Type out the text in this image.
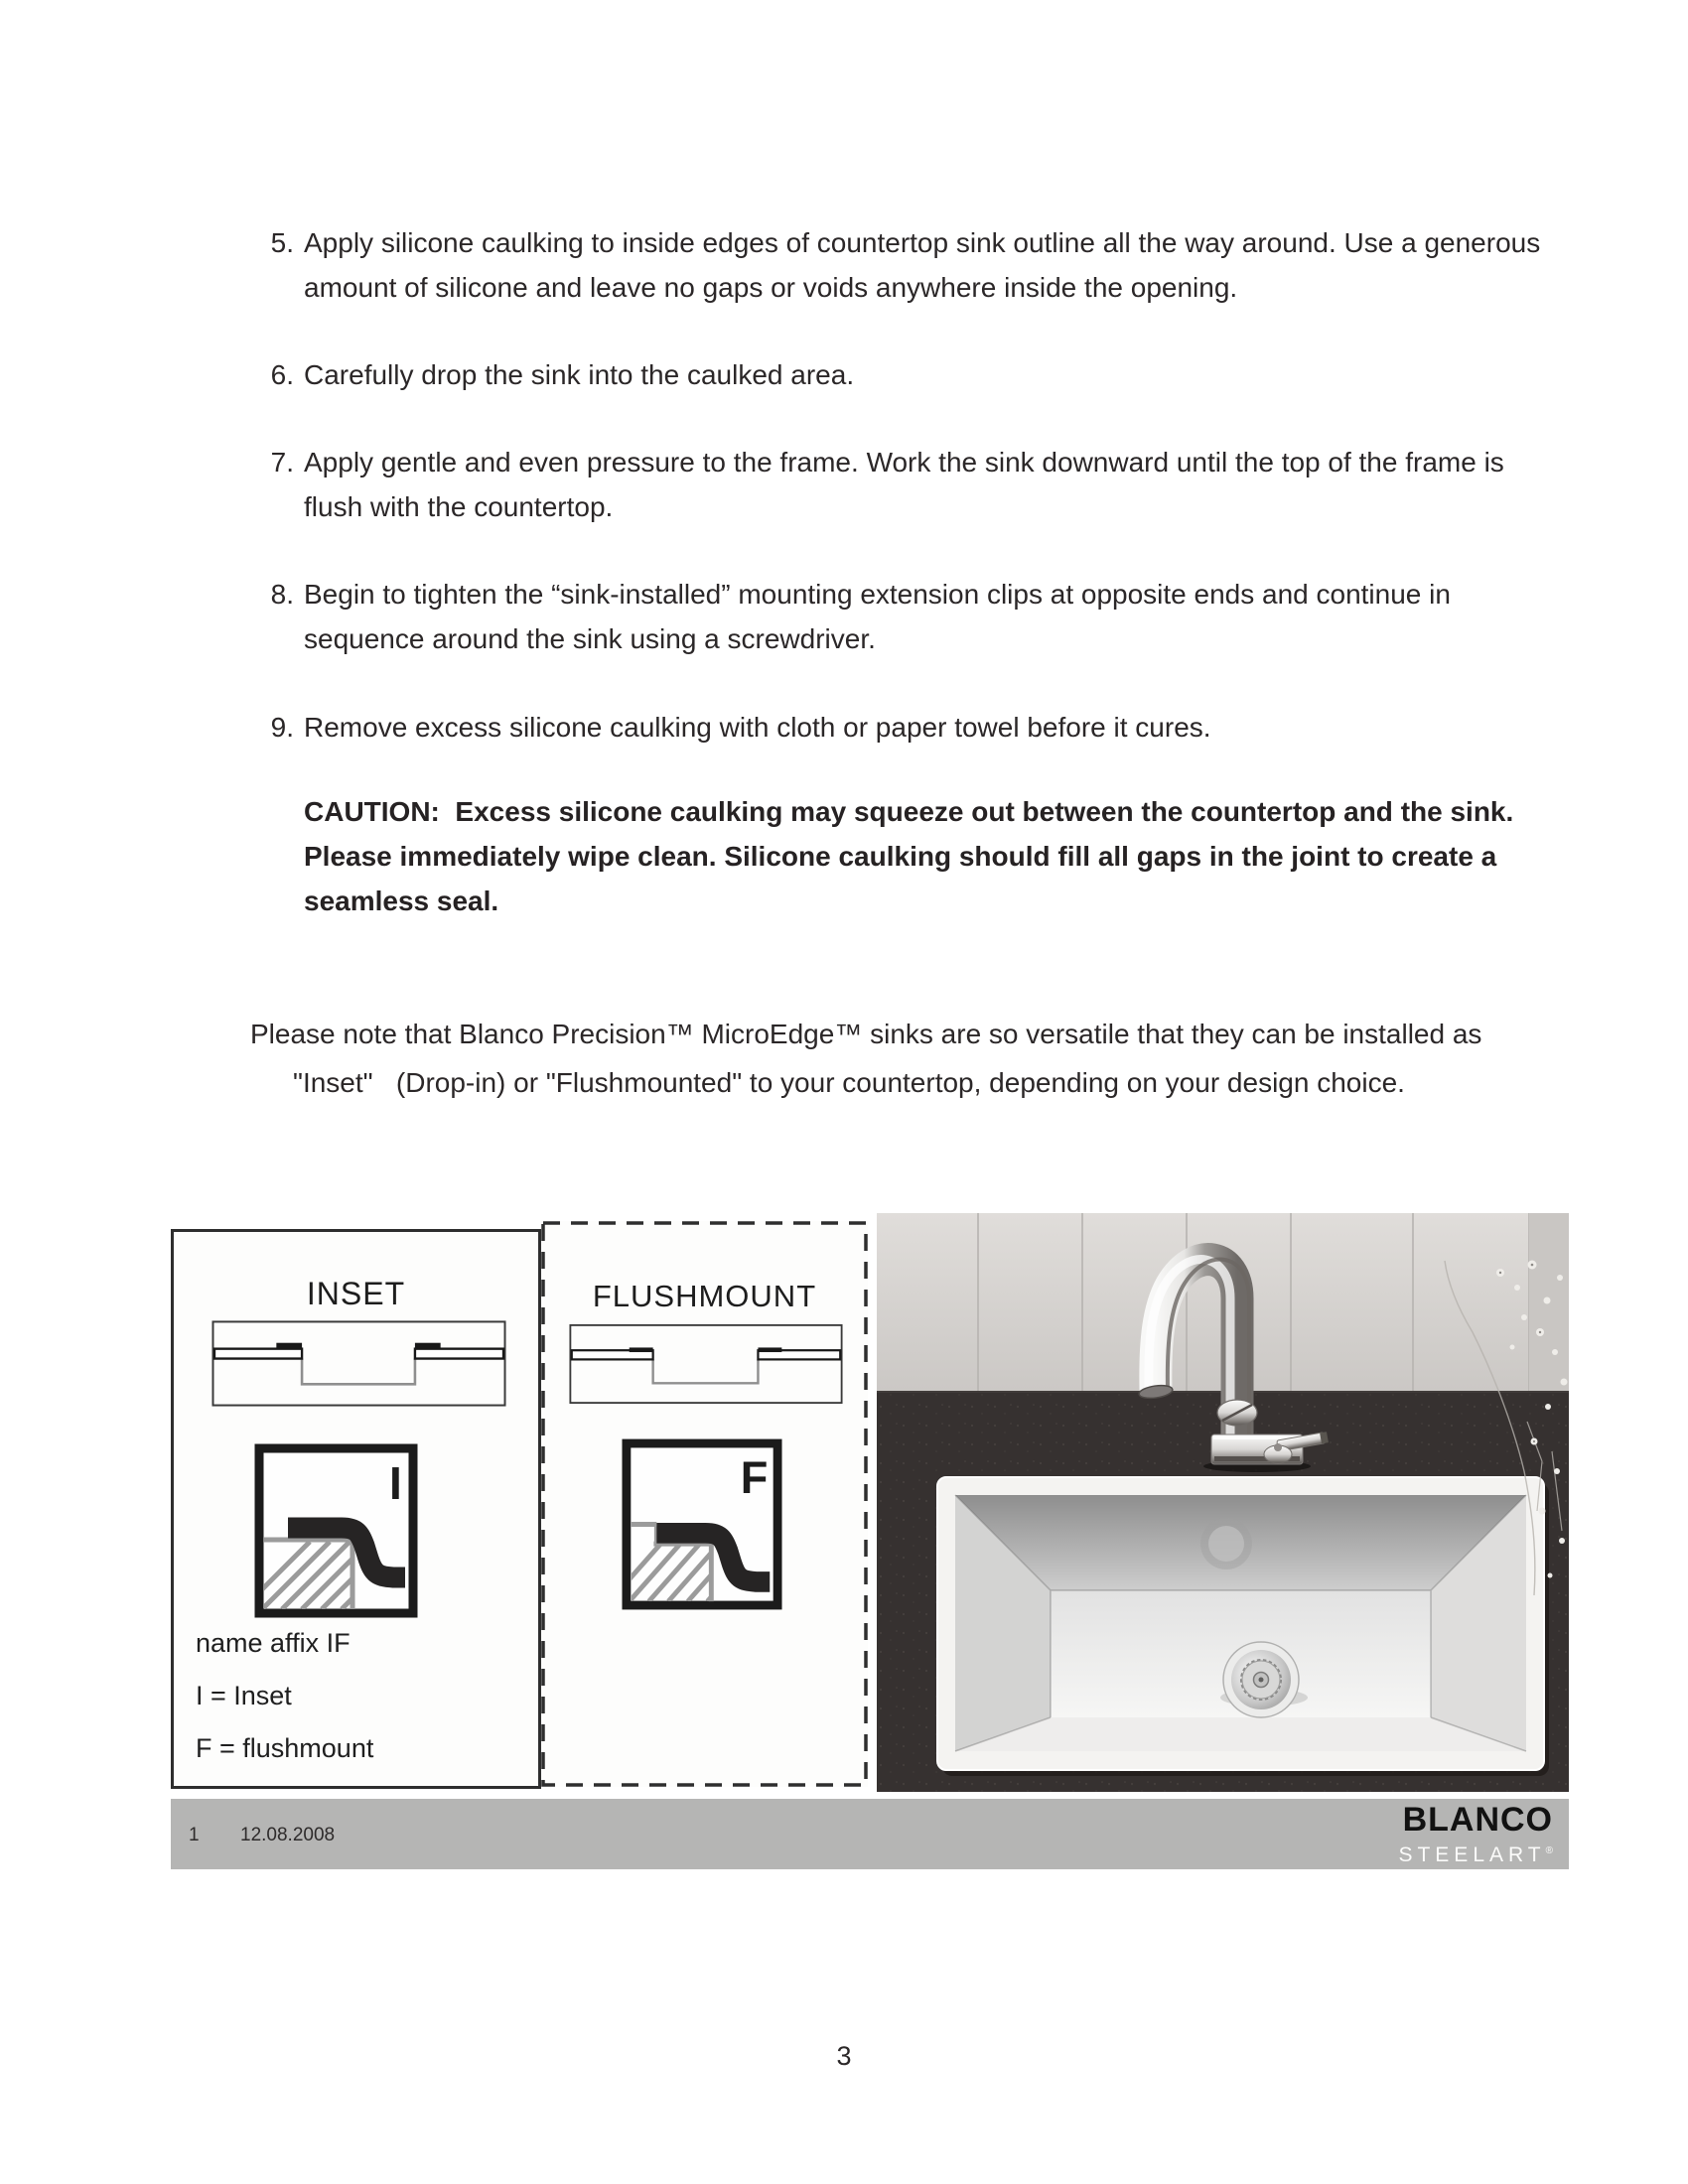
5. Apply silicone caulking to inside edges of countertop sink outline all the way around. Use a generous amount of silicone and leave no gaps or voids anywhere inside the opening.
6. Carefully drop the sink into the caulked area.
7. Apply gentle and even pressure to the frame. Work the sink downward until the top of the frame is flush with the countertop.
8. Begin to tighten the “sink-installed” mounting extension clips at opposite ends and continue in sequence around the sink using a screwdriver.
9. Remove excess silicone caulking with cloth or paper towel before it cures.
CAUTION:  Excess silicone caulking may squeeze out between the countertop and the sink.  Please immediately wipe clean. Silicone caulking should fill all gaps in the joint to create a seamless seal.
Please note that Blanco Precision™ MicroEdge™ sinks are so versatile that they can be installed as
"Inset"   (Drop-in) or "Flushmounted" to your countertop, depending on your design choice.
INSET
I
name affix IF
I = Inset
F = flushmount
FLUSHMOUNT
F
1 12.08.2008	BLANCO
STEELART®
3
